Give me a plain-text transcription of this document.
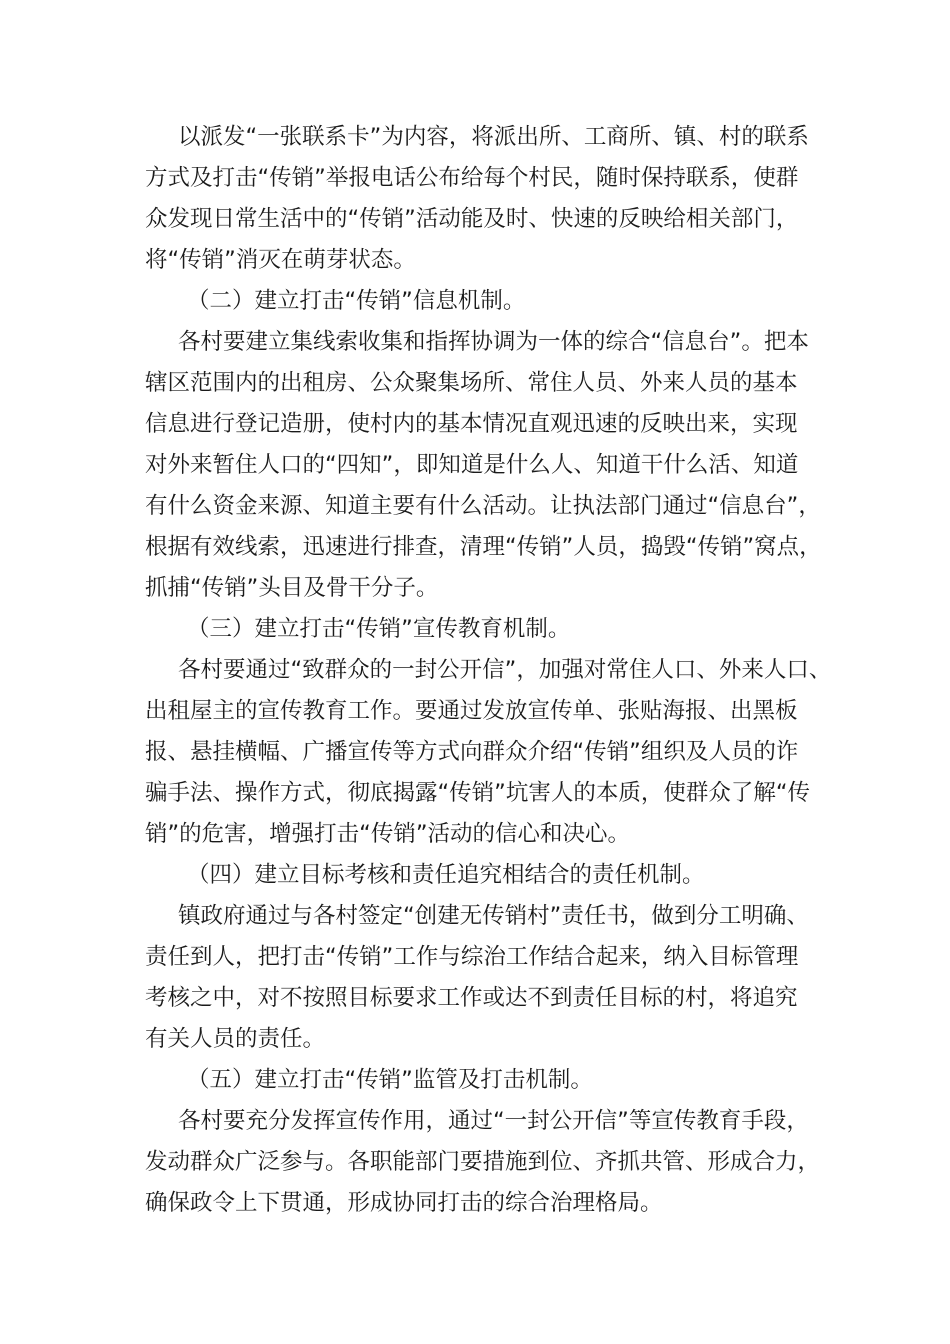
以派发“一张联系卡”为内容，将派出所、工商所、镇、村的联系
方式及打击“传销”举报电话公布给每个村民，随时保持联系，使群
众发现日常生活中的“传销”活动能及时、快速的反映给相关部门，
将“传销”消灭在萌芽状态。

（二）建立打击“传销”信息机制。

各村要建立集线索收集和指挥协调为一体的综合“信息台”。把本
辖区范围内的出租房、公众聚集场所、常住人员、外来人员的基本
信息进行登记造册，使村内的基本情况直观迅速的反映出来，实现
对外来暂住人口的“四知”，即知道是什么人、知道干什么活、知道
有什么资金来源、知道主要有什么活动。让执法部门通过“信息台”，
根据有效线索，迅速进行排查，清理“传销”人员，捣毁“传销”窝点，
抓捕“传销”头目及骨干分子。

（三）建立打击“传销”宣传教育机制。

各村要通过“致群众的一封公开信”，加强对常住人口、外来人口、
出租屋主的宣传教育工作。要通过发放宣传单、张贴海报、出黑板
报、悬挂横幅、广播宣传等方式向群众介绍“传销”组织及人员的诈
骗手法、操作方式，彻底揭露“传销”坑害人的本质，使群众了解“传
销”的危害，增强打击“传销”活动的信心和决心。

（四）建立目标考核和责任追究相结合的责任机制。

镇政府通过与各村签定“创建无传销村”责任书，做到分工明确、
责任到人，把打击“传销”工作与综治工作结合起来，纳入目标管理
考核之中，对不按照目标要求工作或达不到责任目标的村，将追究
有关人员的责任。

（五）建立打击“传销”监管及打击机制。

各村要充分发挥宣传作用，通过“一封公开信”等宣传教育手段，
发动群众广泛参与。各职能部门要措施到位、齐抓共管、形成合力，
确保政令上下贯通，形成协同打击的综合治理格局。
